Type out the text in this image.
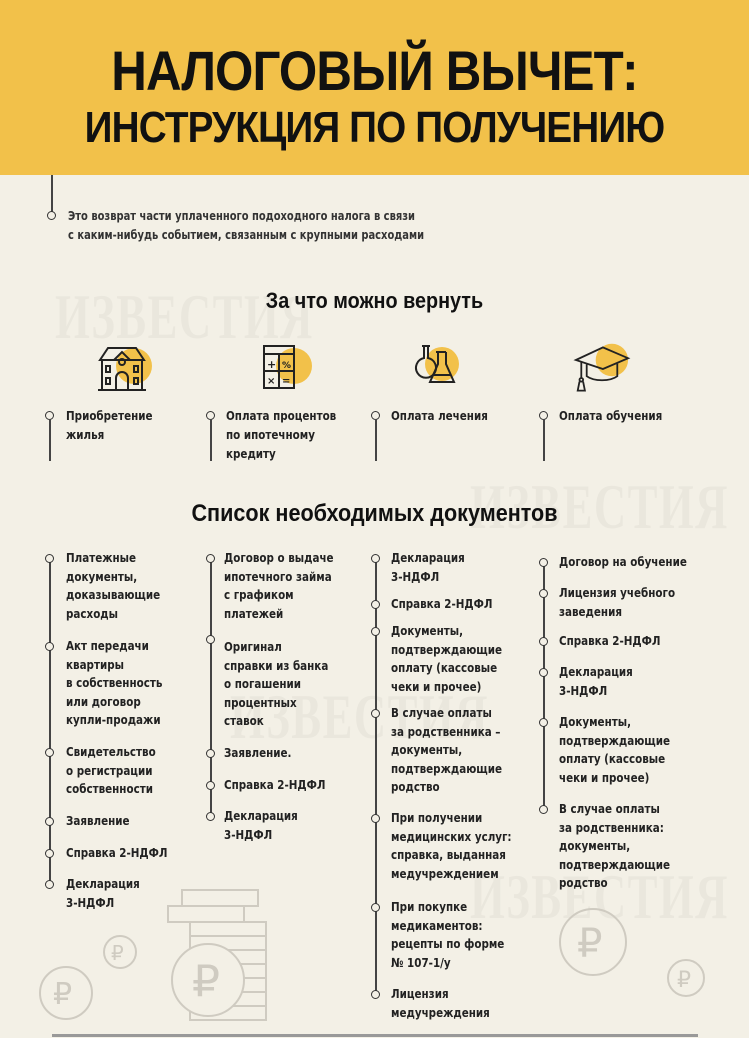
НАЛОГОВЫЙ ВЫЧЕТ:
ИНСТРУКЦИЯ ПО ПОЛУЧЕНИЮ
Это возврат части уплаченного подоходного налога в связи
с каким-нибудь событием, связанным с крупными расходами
За что можно вернуть
+ %
× =
Приобретение
жилья
Оплата процентов
по ипотечному
кредиту
Оплата лечения	Оплата обучения
Список необходимых документов
₽
₽
₽
₽
₽
Платежные
документы,
доказывающие
расходы
Акт передачи
квартиры
в собственность
или договор
купли-продажи
Свидетельство
о регистрации
собственности
Заявление
Справка 2-НДФЛ
Декларация
3-НДФЛ
Договор о выдаче
ипотечного займа
с графиком
платежей
Оригинал
справки из банка
о погашении
процентных
ставок
Заявление.
Справка 2-НДФЛ
Декларация
3-НДФЛ
Декларация
3-НДФЛ
Справка 2-НДФЛ
Документы,
подтверждающие
оплату (кассовые
чеки и прочее)
В случае оплаты
за родственника –
документы,
подтверждающие
родство
При получении
медицинских услуг:
справка, выданная
медучреждением
При покупке
медикаментов:
рецепты по форме
№ 107-1/у
Лицензия
медучреждения
Договор на обучение
Лицензия учебного
заведения
Справка 2-НДФЛ
Декларация
3-НДФЛ
Документы,
подтверждающие
оплату (кассовые
чеки и прочее)
В случае оплаты
за родственника:
документы,
подтверждающие
родство
